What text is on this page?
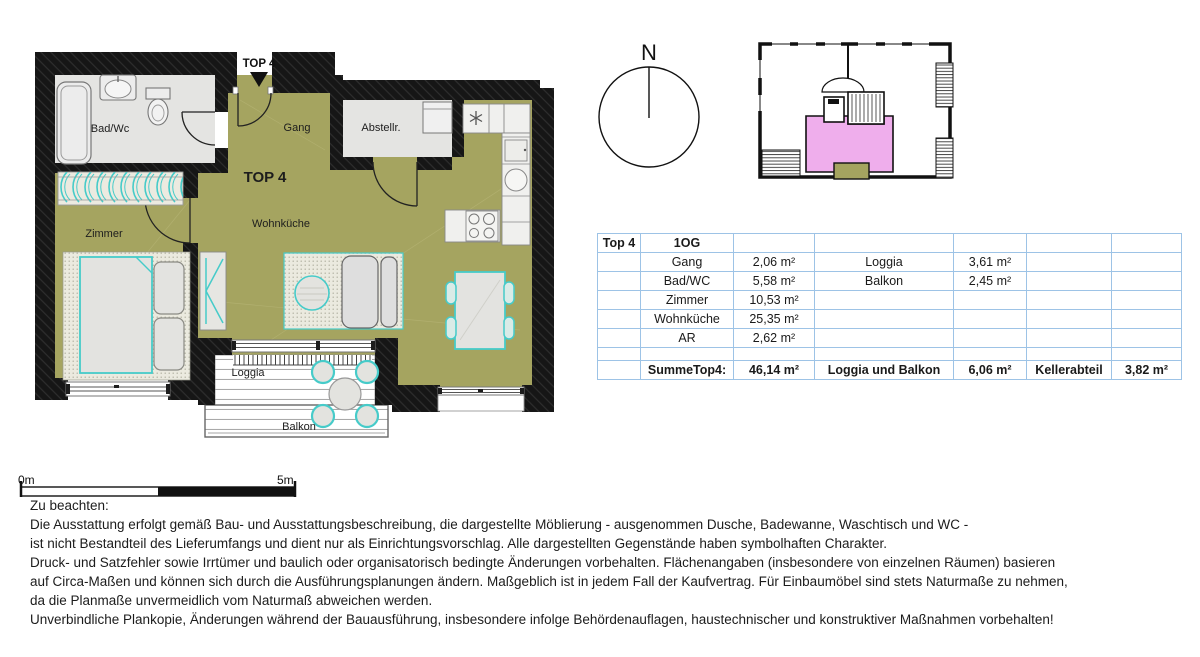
TOP 4
Bad/Wc	Gang	Abstellr.
TOP 4
Wohnküche
Zimmer
Loggia
Balkon
N
0m	5m
Top 4	1OG					
	Gang	2,06 m²	Loggia	3,61 m²		
	Bad/WC	5,58 m²	Balkon	2,45 m²		
	Zimmer	10,53 m²				
	Wohnküche	25,35 m²				
	AR	2,62 m²				

	SummeTop4:	46,14 m²	Loggia und Balkon	6,06 m²	Kellerabteil	3,82 m²
Zu beachten:
Die Ausstattung erfolgt gemäß Bau- und Ausstattungsbeschreibung, die dargestellte Möblierung - ausgenommen Dusche, Badewanne, Waschtisch und WC -
ist nicht Bestandteil des Lieferumfangs und dient nur als Einrichtungsvorschlag. Alle dargestellten Gegenstände haben symbolhaften Charakter.
Druck- und Satzfehler sowie Irrtümer und baulich oder organisatorisch bedingte Änderungen vorbehalten. Flächenangaben (insbesondere von einzelnen Räumen) basieren
auf Circa-Maßen und können sich durch die Ausführungsplanungen ändern. Maßgeblich ist in jedem Fall der Kaufvertrag. Für Einbaumöbel sind stets Naturmaße zu nehmen,
da die Planmaße unvermeidlich vom Naturmaß abweichen werden.
Unverbindliche Plankopie, Änderungen während der Bauausführung, insbesondere infolge Behördenauflagen, haustechnischer und konstruktiver Maßnahmen vorbehalten!
